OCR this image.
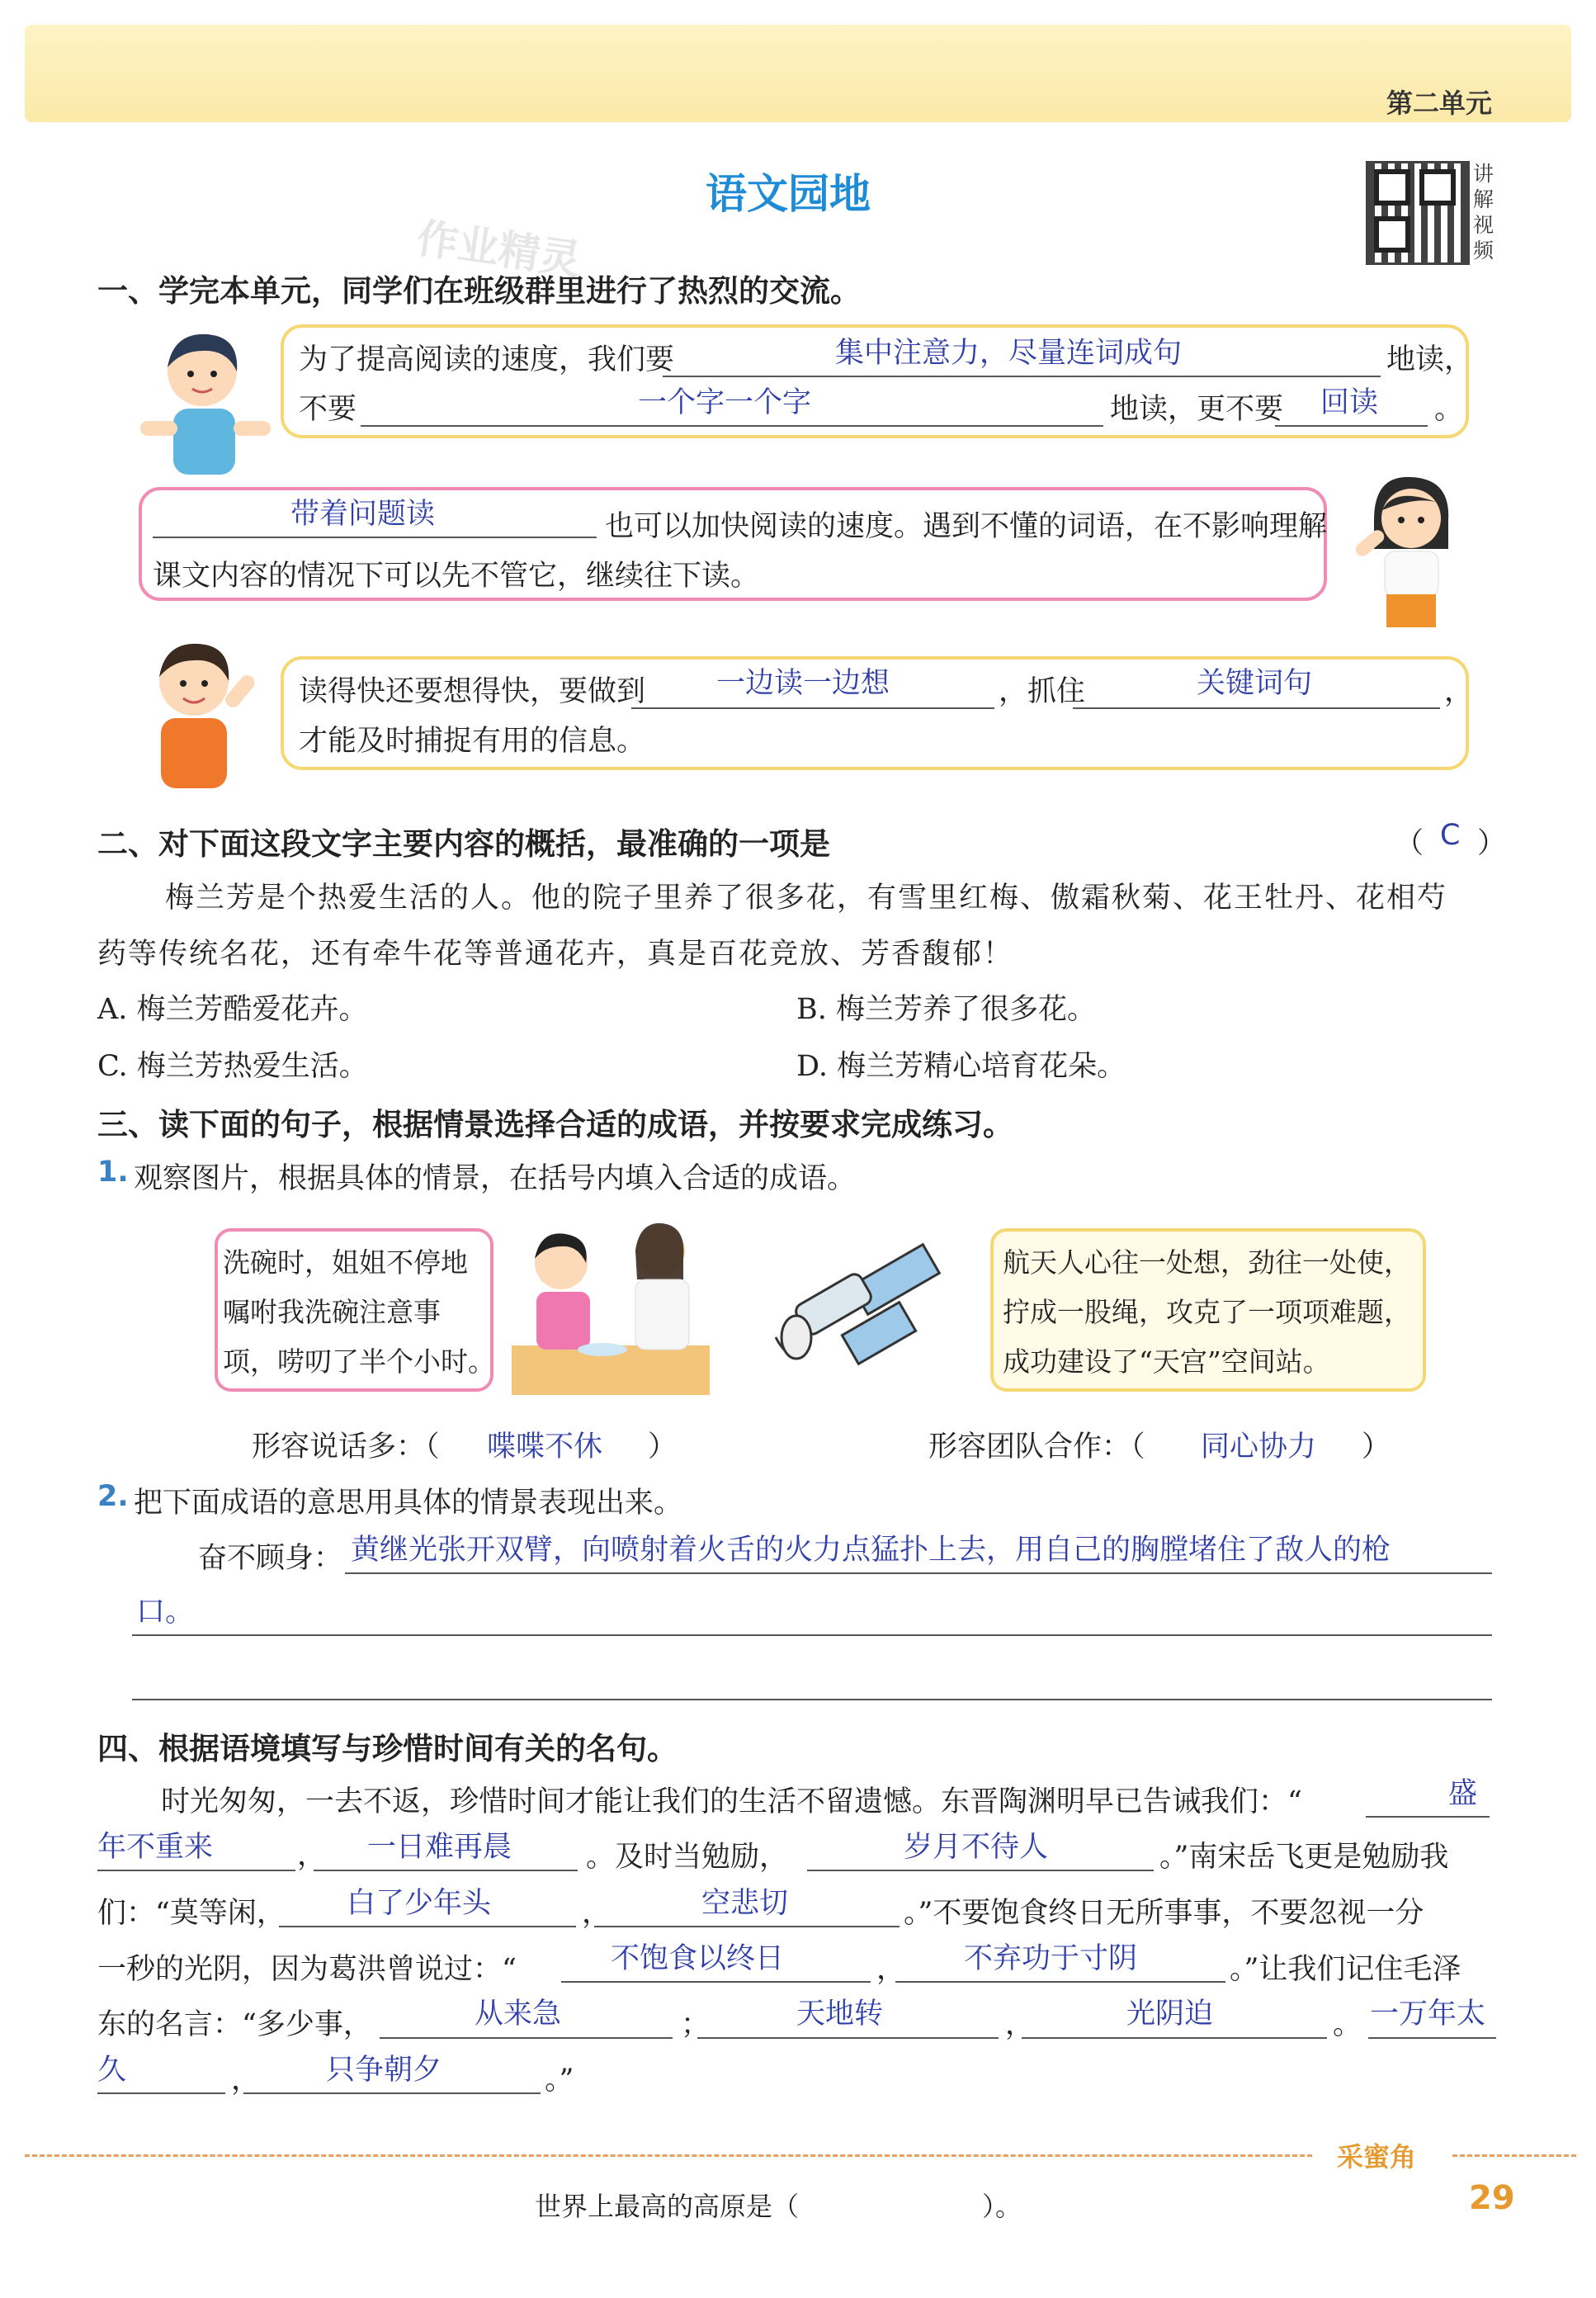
第二单元
语文园地
作业精灵
讲解视频
一、学完本单元，同学们在班级群里进行了热烈的交流。
为了提高阅读的速度，我们要	集中注意力，尽量连词成句	地读，
不要	一个字一个字	地读，更不要 回读 。
带着问题读	也可以加快阅读的速度。遇到不懂的词语，在不影响理解
课文内容的情况下可以先不管它，继续往下读。
读得快还要想得快，要做到 一边读一边想	，抓住	关键词句	，
才能及时捕捉有用的信息。
二、对下面这段文字主要内容的概括，最准确的一项是	（ C ）
梅兰芳是个热爱生活的人。他的院子里养了很多花，有雪里红梅、傲霜秋菊、花王牡丹、花相芍
药等传统名花，还有牵牛花等普通花卉，真是百花竞放、芳香馥郁！
A. 梅兰芳酷爱花卉。	B. 梅兰芳养了很多花。
C. 梅兰芳热爱生活。	D. 梅兰芳精心培育花朵。
三、读下面的句子，根据情景选择合适的成语，并按要求完成练习。
1. 观察图片，根据具体的情景，在括号内填入合适的成语。
洗碗时，姐姐不停地
嘱咐我洗碗注意事
项，唠叨了半个小时。
航天人心往一处想，劲往一处使，
拧成一股绳，攻克了一项项难题，
成功建设了“天宫”空间站。
形容说话多：（ 喋喋不休 ）	形容团队合作：（ 同心协力 ）
2. 把下面成语的意思用具体的情景表现出来。
奋不顾身： 黄继光张开双臂，向喷射着火舌的火力点猛扑上去，用自己的胸膛堵住了敌人的枪
口。
四、根据语境填写与珍惜时间有关的名句。
时光匆匆，一去不返，珍惜时间才能让我们的生活不留遗憾。东晋陶渊明早已告诫我们：“	盛
年不重来	， 一日难再晨	。及时当勉励，	岁月不待人	。”南宋岳飞更是勉励我
们：“莫等闲， 白了少年头	，	空悲切	。”不要饱食终日无所事事，不要忽视一分
一秒的光阴，因为葛洪曾说过：“	不饱食以终日	， 不弃功于寸阴	。”让我们记住毛泽
东的名言：“多少事，	从来急	；	天地转	，	光阴迫	。 一万年太
久	， 只争朝夕	。”
采蜜角
世界上最高的高原是（	）。	29
